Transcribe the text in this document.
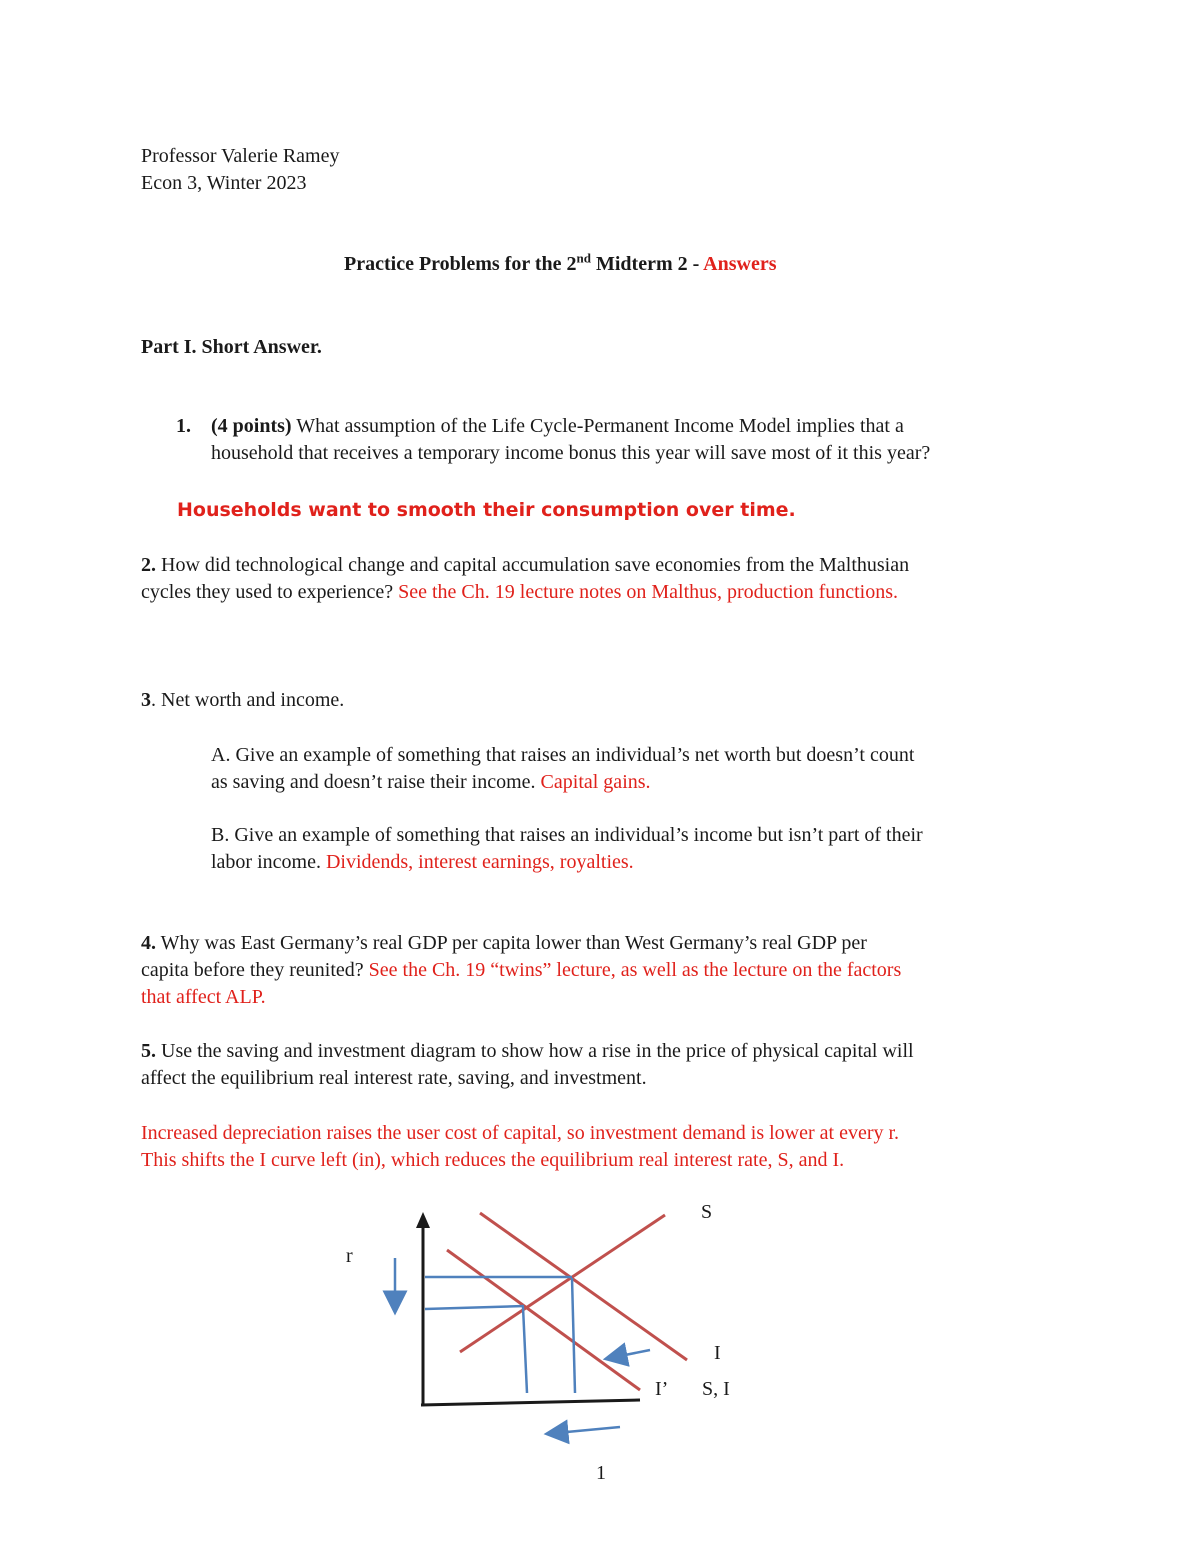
Professor Valerie Ramey
Econ 3, Winter 2023
Practice Problems for the 2nd Midterm 2 - Answers
Part I. Short Answer.
1. (4 points) What assumption of the Life Cycle-Permanent Income Model implies that a
household that receives a temporary income bonus this year will save most of it this year?
Households want to smooth their consumption over time.
2. How did technological change and capital accumulation save economies from the Malthusian
cycles they used to experience? See the Ch. 19 lecture notes on Malthus, production functions.
3. Net worth and income.
A. Give an example of something that raises an individual’s net worth but doesn’t count
as saving and doesn’t raise their income. Capital gains.
B. Give an example of something that raises an individual’s income but isn’t part of their
labor income. Dividends, interest earnings, royalties.
4. Why was East Germany’s real GDP per capita lower than West Germany’s real GDP per
capita before they reunited? See the Ch. 19 “twins” lecture, as well as the lecture on the factors
that affect ALP.
5. Use the saving and investment diagram to show how a rise in the price of physical capital will
affect the equilibrium real interest rate, saving, and investment.
Increased depreciation raises the user cost of capital, so investment demand is lower at every r.
This shifts the I curve left (in), which reduces the equilibrium real interest rate, S, and I.
r
S
I
I’ S, I
1
